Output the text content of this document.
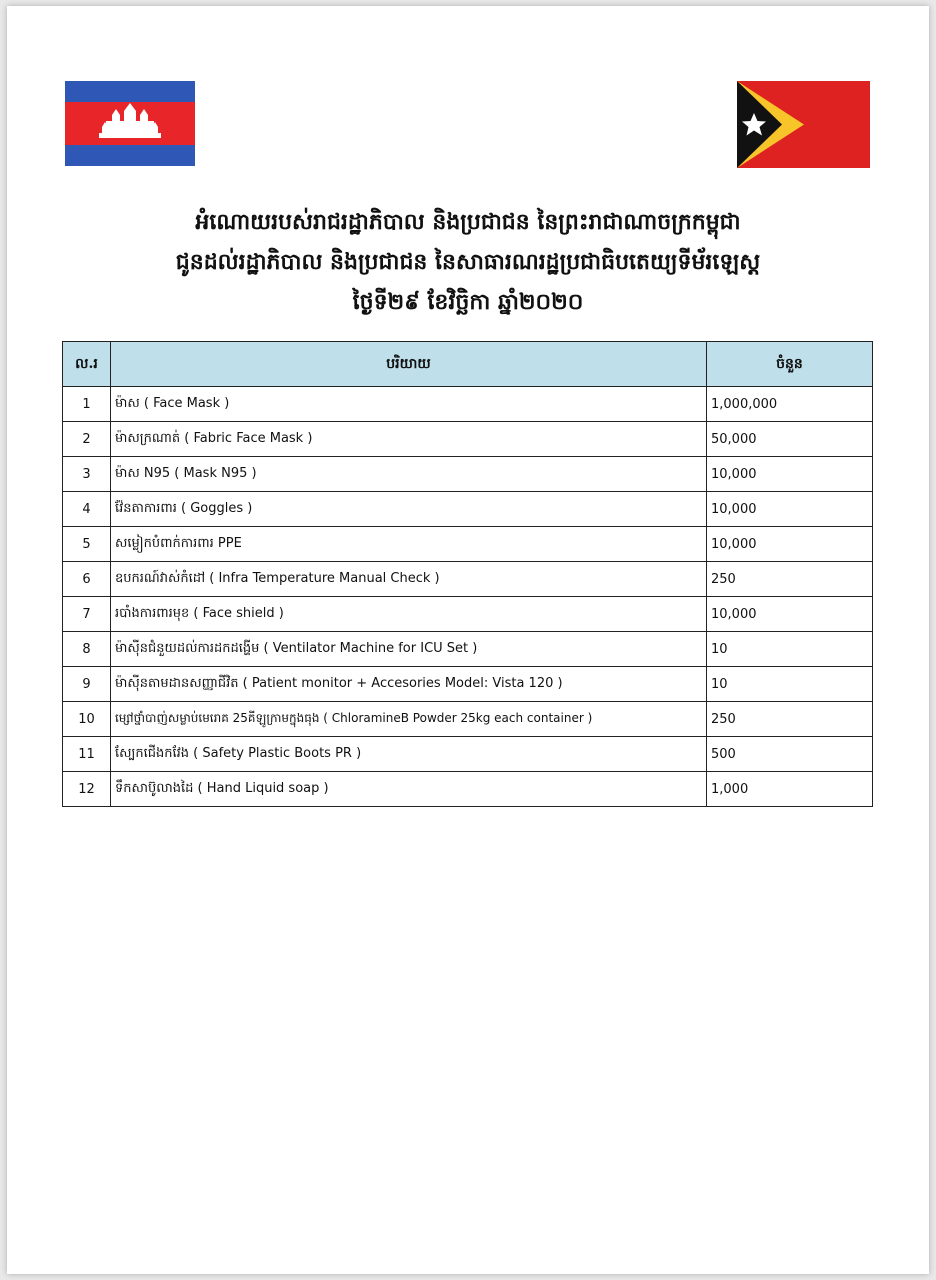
អំណោយរបស់រាជរដ្ឋាភិបាល និងប្រជាជន នៃព្រះរាជាណាចក្រកម្ពុជា
ជូនដល់រដ្ឋាភិបាល និងប្រជាជន នៃសាធារណរដ្ឋប្រជាធិបតេយ្យទីម័រឡេស្ត
ថ្ងៃទី២៩ ខែវិច្ឆិកា ឆ្នាំ២០២០
ល.រ	បរិយាយ	ចំនួន
1	ម៉ាស ( Face Mask )	1,000,000
2	ម៉ាសក្រណាត់ ( Fabric Face Mask )	50,000
3	ម៉ាស N95 ( Mask N95 )	10,000
4	វ៉ែនតាការពារ ( Goggles )	10,000
5	សម្លៀកបំពាក់ការពារ PPE	10,000
6	ឧបករណ៍វាស់កំដៅ ( Infra Temperature Manual Check )	250
7	របាំងការពារមុខ ( Face shield )	10,000
8	ម៉ាស៊ីនជំនួយដល់ការដកដង្ហើម ( Ventilator Machine for ICU Set )	10
9	ម៉ាស៊ីនតាមដានសញ្ញាជីវិត ( Patient monitor + Accesories Model: Vista 120 )	10
10	ម្សៅថ្នាំបាញ់សម្លាប់មេរោគ 25គីឡូក្រាមក្នុងធុង ( ChloramineB Powder 25kg each container )	250
11	ស្បែកជើងកវែង ( Safety Plastic Boots PR )	500
12	ទឹកសាប៊ូលាងដៃ ( Hand Liquid soap )	1,000
